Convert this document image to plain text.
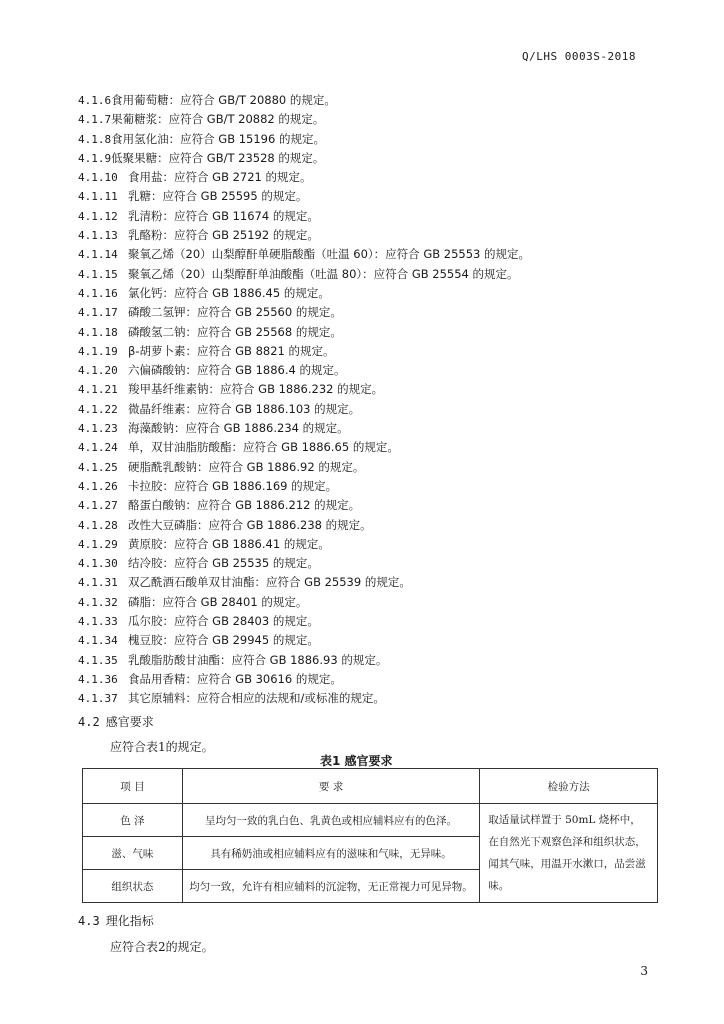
Q/LHS 0003S-2018
4.1.6食用葡萄糖：应符合 GB/T 20880 的规定。
4.1.7果葡糖浆：应符合 GB/T 20882 的规定。
4.1.8食用氢化油：应符合 GB 15196 的规定。
4.1.9低聚果糖：应符合 GB/T 23528 的规定。
4.1.10 食用盐：应符合 GB 2721 的规定。
4.1.11 乳糖：应符合 GB 25595 的规定。
4.1.12 乳清粉：应符合 GB 11674 的规定。
4.1.13 乳酪粉：应符合 GB 25192 的规定。
4.1.14 聚氧乙烯（20）山梨醇酐单硬脂酸酯（吐温 60）：应符合 GB 25553 的规定。
4.1.15 聚氧乙烯（20）山梨醇酐单油酸酯（吐温 80）：应符合 GB 25554 的规定。
4.1.16 氯化钙：应符合 GB 1886.45 的规定。
4.1.17 磷酸二氢钾：应符合 GB 25560 的规定。
4.1.18 磷酸氢二钠：应符合 GB 25568 的规定。
4.1.19 β-胡萝卜素：应符合 GB 8821 的规定。
4.1.20 六偏磷酸钠：应符合 GB 1886.4 的规定。
4.1.21 羧甲基纤维素钠：应符合 GB 1886.232 的规定。
4.1.22 微晶纤维素：应符合 GB 1886.103 的规定。
4.1.23 海藻酸钠：应符合 GB 1886.234 的规定。
4.1.24 单，双甘油脂肪酸酯：应符合 GB 1886.65 的规定。
4.1.25 硬脂酰乳酸钠：应符合 GB 1886.92 的规定。
4.1.26 卡拉胶：应符合 GB 1886.169 的规定。
4.1.27 酪蛋白酸钠：应符合 GB 1886.212 的规定。
4.1.28 改性大豆磷脂：应符合 GB 1886.238 的规定。
4.1.29 黄原胶：应符合 GB 1886.41 的规定。
4.1.30 结冷胶：应符合 GB 25535 的规定。
4.1.31 双乙酰酒石酸单双甘油酯：应符合 GB 25539 的规定。
4.1.32 磷脂：应符合 GB 28401 的规定。
4.1.33 瓜尔胶：应符合 GB 28403 的规定。
4.1.34 槐豆胶：应符合 GB 29945 的规定。
4.1.35 乳酸脂肪酸甘油酯：应符合 GB 1886.93 的规定。
4.1.36 食品用香精：应符合 GB 30616 的规定。
4.1.37 其它原辅料：应符合相应的法规和/或标准的规定。
4.2 感官要求
应符合表1的规定。
表1 感官要求
项 目	要 求	检验方法
色 泽	呈均匀一致的乳白色、乳黄色或相应辅料应有的色泽。	取适量试样置于 50mL 烧杯中，在自然光下观察色泽和组织状态，闻其气味，用温开水漱口，品尝滋味。
滋、气味	具有稀奶油或相应辅料应有的滋味和气味，无异味。	
组织状态	均匀一致，允许有相应辅料的沉淀物，无正常视力可见异物。	
4.3 理化指标
应符合表2的规定。
3
